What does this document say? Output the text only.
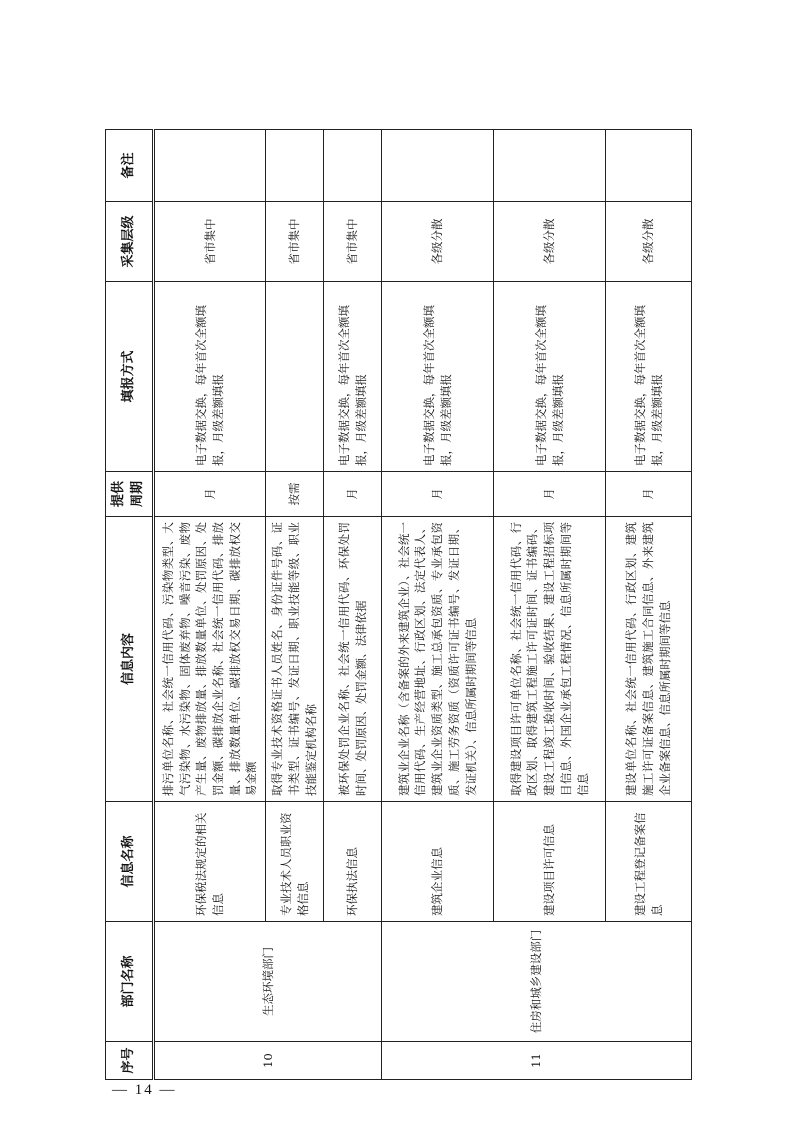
— 14 —
序号	部门名称	信息名称	信息内容	提供周期	填报方式	采集层级	备注
10	生态环境部门	环保税法规定的相关信息	排污单位名称、社会统一信用代码、污染物类型、大气污染物、水污染物、固体废弃物、噪音污染、废物产生量、废物排放量、排放数量单位、处罚原因、处罚金额、碳排放企业名称、社会统一信用代码、排放量、排放数量单位、碳排放权交易日期、碳排放权交易金额	月	电子数据交换，每年首次全额填报，月级差额填报	省市集中	
		专业技术人员职业资格信息	取得专业技术资格证书人员姓名、身份证件号码、证书类型、证书编号、发证日期、职业技能等级、职业技能鉴定机构名称	按需		省市集中	
		环保执法信息	被环保处罚企业名称、社会统一信用代码、环保处罚时间、处罚原因、处罚金额、法律依据	月	电子数据交换，每年首次全额填报，月级差额填报	省市集中	
11	住房和城乡建设部门	建筑企业信息	建筑业企业名称（含备案的外来建筑企业）、社会统一信用代码、生产经营地址、行政区划、法定代表人、建筑业企业资质类型、施工总承包资质、专业承包资质、施工劳务资质（资质许可证书编号、发证日期、发证机关）、信息所属时期间等信息	月	电子数据交换，每年首次全额填报，月级差额填报	各级分散	
		建设项目许可信息	取得建设项目许可单位名称、社会统一信用代码、行政区划、取得建筑工程施工许可证时间、证书编码、建设工程竣工验收时间、验收结果、建设工程招标项目信息、外国企业承包工程情况、信息所属时期间等信息	月	电子数据交换，每年首次全额填报，月级差额填报	各级分散	
		建设工程登记备案信息	建设单位名称、社会统一信用代码、行政区划、建筑施工许可证备案信息、建筑施工合同信息、外来建筑企业备案信息、信息所属时期间等信息	月	电子数据交换，每年首次全额填报，月级差额填报	各级分散	
